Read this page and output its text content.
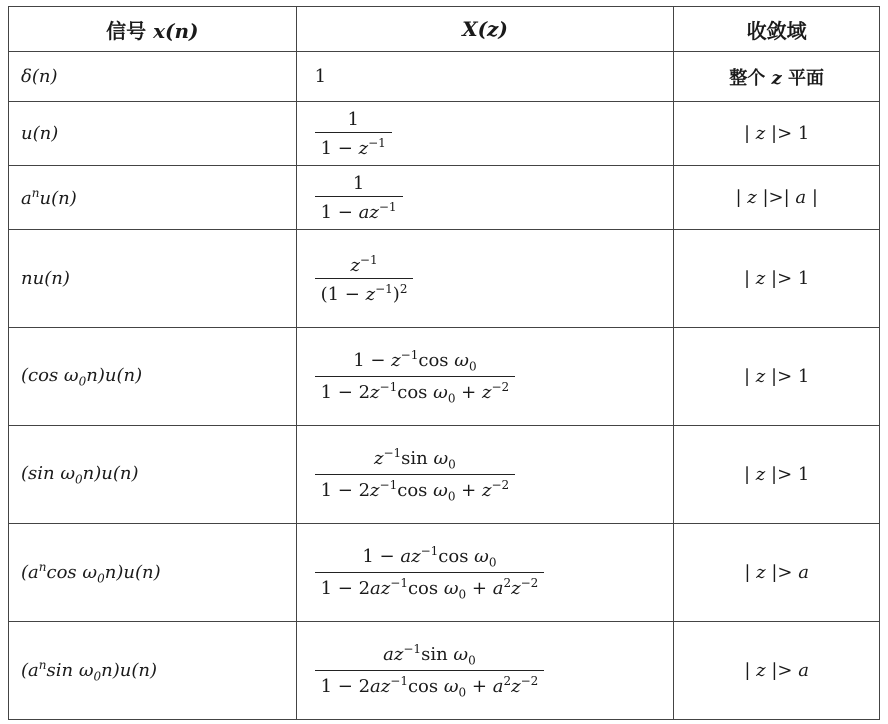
信号 x(n)	X(z)	收敛域
δ(n)	1	整个 z 平面
u(n)	$\frac{1}{1 - z^{-1}}$	| z |> 1
$a^nu(n)$	$\frac{1}{1 - az^{-1}}$	| z |>| a |
nu(n)	$\frac{z^{-1}}{(1 - z^{-1})^2}$	| z |> 1
(cos $\omega_0n)u(n)$	$\frac{1 - z^{-1}\cos \omega_0}{1 - 2z^{-1}\cos \omega_0 + z^{-2}}$	| z |> 1
(sin $\omega_0n)u(n)$	$\frac{z^{-1}\sin \omega_0}{1 - 2z^{-1}\cos \omega_0 + z^{-2}}$	| z |> 1
($a^n\cos$ $\omega_0n)u(n)$	$\frac{1 - az^{-1}\cos \omega_0}{1 - 2az^{-1}\cos \omega_0 + a^2z^{-2}}$	| z |> a
($a^n\sin$ $\omega_0n)u(n)$	$\frac{az^{-1}\sin \omega_0}{1 - 2az^{-1}\cos \omega_0 + a^2z^{-2}}$	| z |> a
